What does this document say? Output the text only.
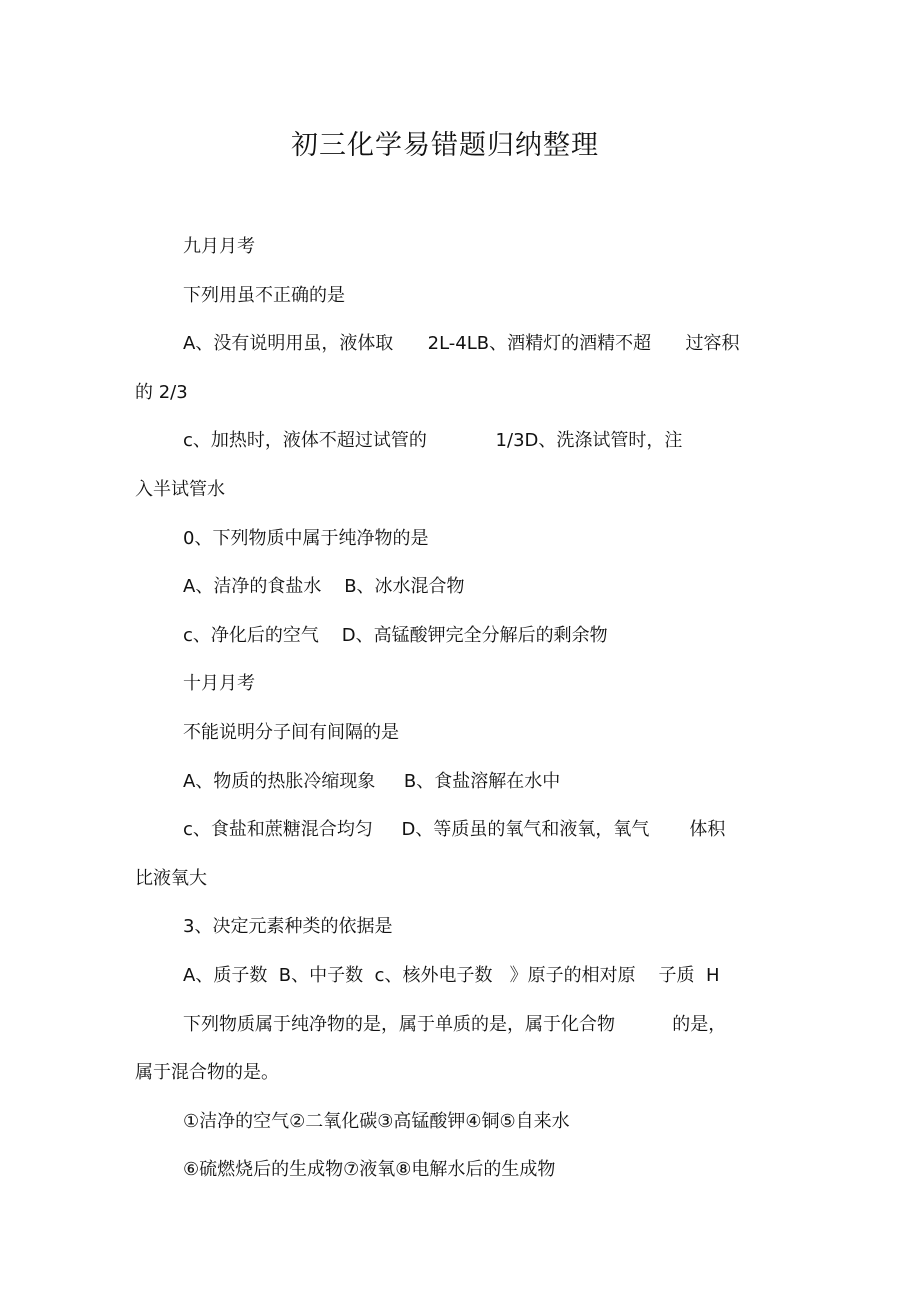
初三化学易错题归纳整理
九月月考
下列用虽不正确的是
A、没有说明用虽，液体取      2L-4LB、酒精灯的酒精不超      过容积
的 2/3
c、加热时，液体不超过试管的            1/3D、洗涤试管时，注
入半试管水
0、下列物质中属于纯净物的是
A、洁净的食盐水    B、冰水混合物
c、净化后的空气    D、高锰酸钾完全分解后的剩余物
十月月考
不能说明分子间有间隔的是
A、物质的热胀冷缩现象     B、食盐溶解在水中
c、食盐和蔗糖混合均匀     D、等质虽的氧气和液氧，氧气       体积
比液氧大
3、决定元素种类的依据是
A、质子数  B、中子数  c、核外电子数   》原子的相对原    子质  H
下列物质属于纯净物的是，属于单质的是，属于化合物          的是，
属于混合物的是。
①洁净的空气②二氧化碳③高锰酸钾④铜⑤自来水
⑥硫燃烧后的生成物⑦液氧⑧电解水后的生成物
